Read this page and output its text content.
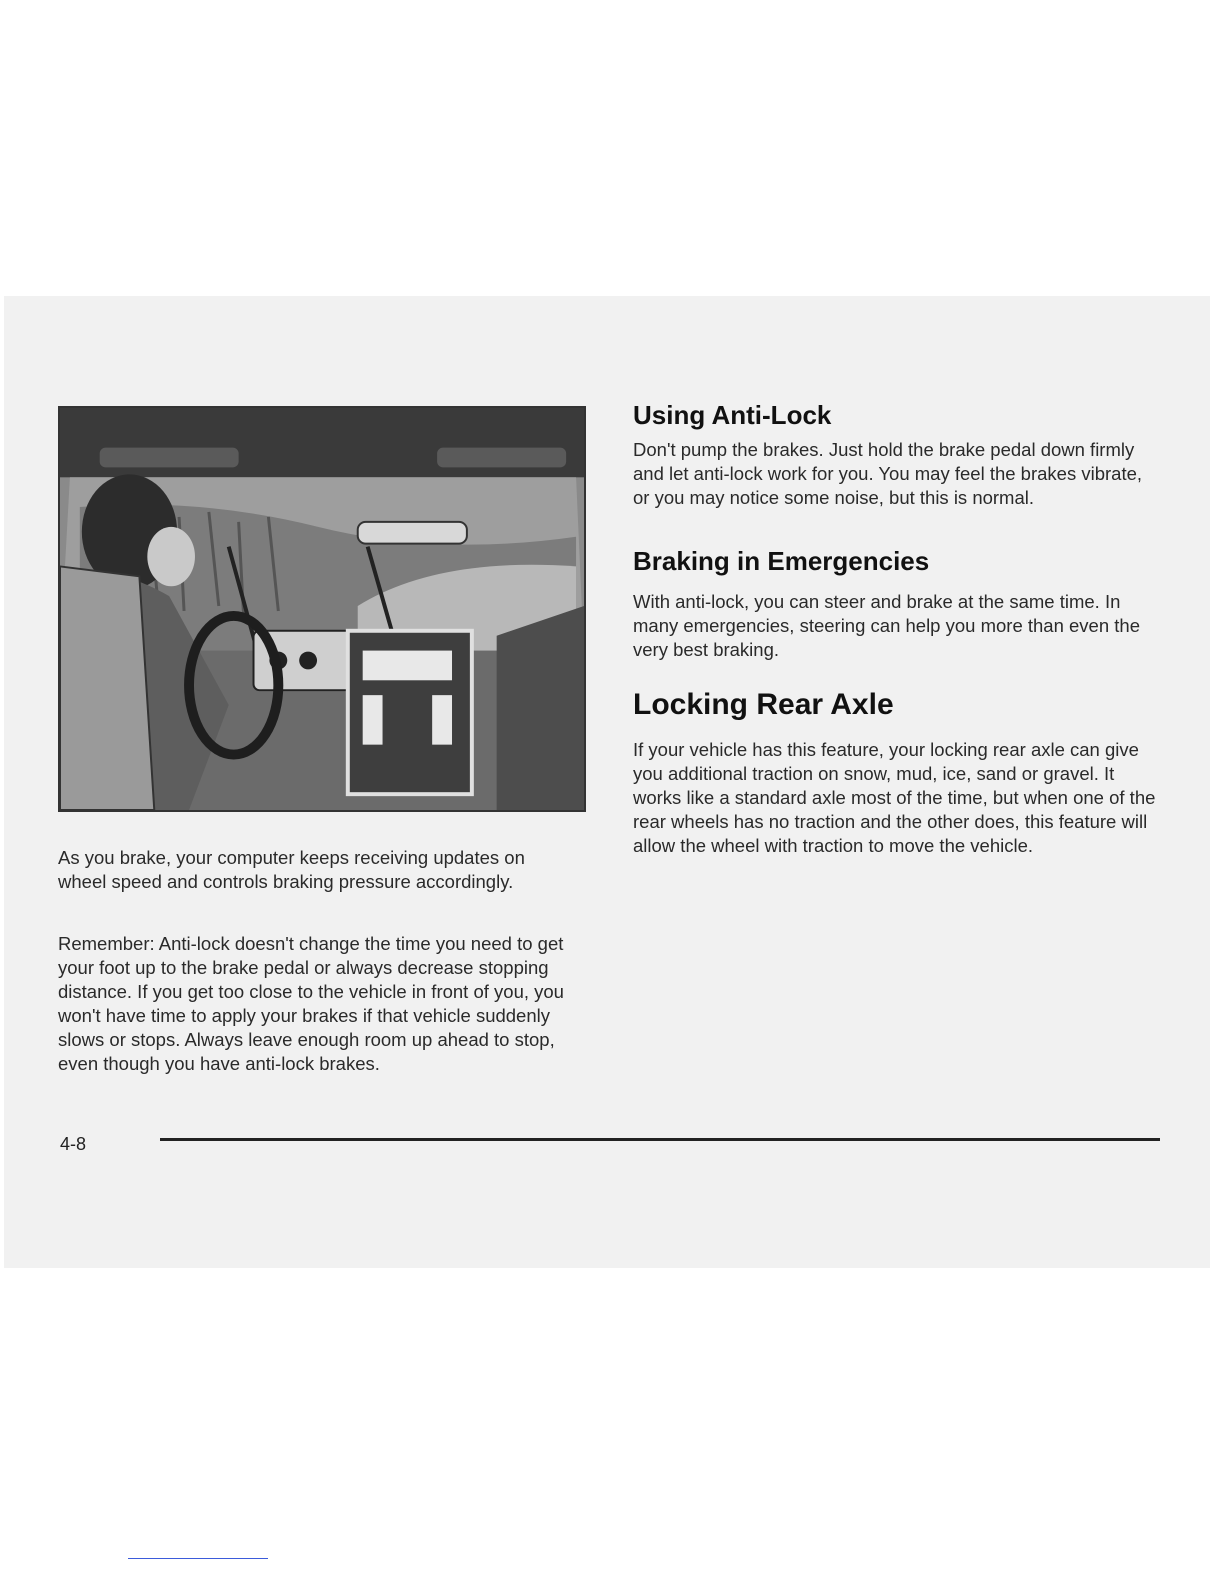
As you brake, your computer keeps receiving updates on wheel speed and controls braking pressure accordingly.

Remember: Anti-lock doesn't change the time you need to get your foot up to the brake pedal or always decrease stopping distance. If you get too close to the vehicle in front of you, you won't have time to apply your brakes if that vehicle suddenly slows or stops. Always leave enough room up ahead to stop, even though you have anti-lock brakes.

Using Anti-Lock

Don't pump the brakes. Just hold the brake pedal down firmly and let anti-lock work for you. You may feel the brakes vibrate, or you may notice some noise, but this is normal.

Braking in Emergencies

With anti-lock, you can steer and brake at the same time. In many emergencies, steering can help you more than even the very best braking.

Locking Rear Axle

If your vehicle has this feature, your locking rear axle can give you additional traction on snow, mud, ice, sand or gravel. It works like a standard axle most of the time, but when one of the rear wheels has no traction and the other does, this feature will allow the wheel with traction to move the vehicle.

4-8
